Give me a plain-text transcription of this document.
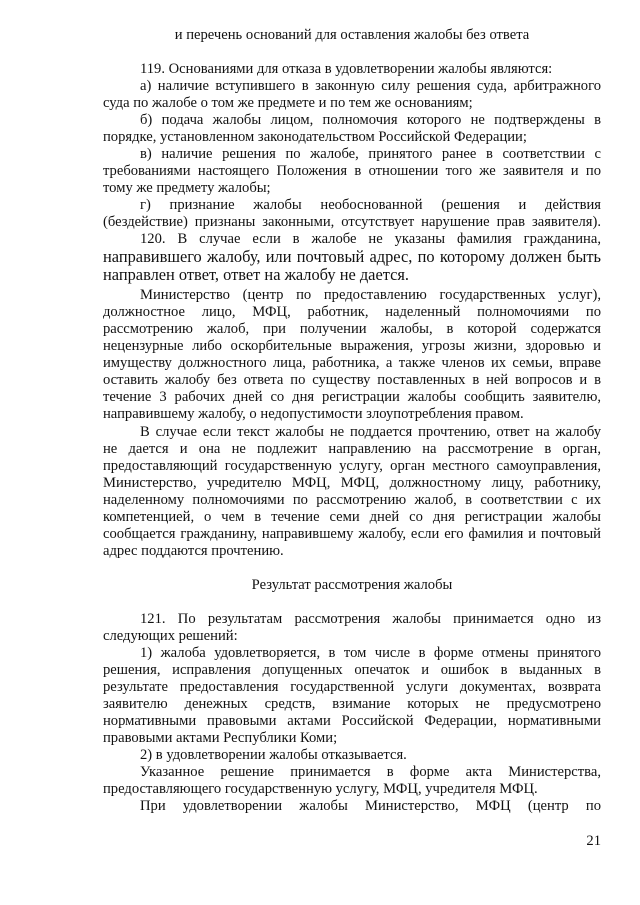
и перечень оснований для оставления жалобы без ответа
119. Основаниями для отказа в удовлетворении жалобы являются:
а) наличие вступившего в законную силу решения суда, арбитражного
суда по жалобе о том же предмете и по тем же основаниям;
б) подача жалобы лицом, полномочия которого не подтверждены в
порядке, установленном законодательством Российской Федерации;
в) наличие решения по жалобе, принятого ранее в соответствии с
требованиями настоящего Положения в отношении того же заявителя и по
тому же предмету жалобы;
г) признание жалобы необоснованной (решения и действия
(бездействие) признаны законными, отсутствует нарушение прав заявителя).
120. В случае если в жалобе не указаны фамилия гражданина,
направившего жалобу, или почтовый адрес, по которому должен быть
направлен ответ, ответ на жалобу не дается.
Министерство (центр по предоставлению государственных услуг),
должностное лицо, МФЦ, работник, наделенный полномочиями по
рассмотрению жалоб, при получении жалобы, в которой содержатся
нецензурные либо оскорбительные выражения, угрозы жизни, здоровью и
имуществу должностного лица, работника, а также членов их семьи, вправе
оставить жалобу без ответа по существу поставленных в ней вопросов и в
течение 3 рабочих дней со дня регистрации жалобы сообщить заявителю,
направившему жалобу, о недопустимости злоупотребления правом.
В случае если текст жалобы не поддается прочтению, ответ на жалобу
не дается и она не подлежит направлению на рассмотрение в орган,
предоставляющий государственную услугу, орган местного самоуправления,
Министерство, учредителю МФЦ, МФЦ, должностному лицу, работнику,
наделенному полномочиями по рассмотрению жалоб, в соответствии с их
компетенцией, о чем в течение семи дней со дня регистрации жалобы
сообщается гражданину, направившему жалобу, если его фамилия и почтовый
адрес поддаются прочтению.
Результат рассмотрения жалобы
121. По результатам рассмотрения жалобы принимается одно из
следующих решений:
1) жалоба удовлетворяется, в том числе в форме отмены принятого
решения, исправления допущенных опечаток и ошибок в выданных в
результате предоставления государственной услуги документах, возврата
заявителю денежных средств, взимание которых не предусмотрено
нормативными правовыми актами Российской Федерации, нормативными
правовыми актами Республики Коми;
2) в удовлетворении жалобы отказывается.
Указанное решение принимается в форме акта Министерства,
предоставляющего государственную услугу, МФЦ, учредителя МФЦ.
При удовлетворении жалобы Министерство, МФЦ (центр по
21
